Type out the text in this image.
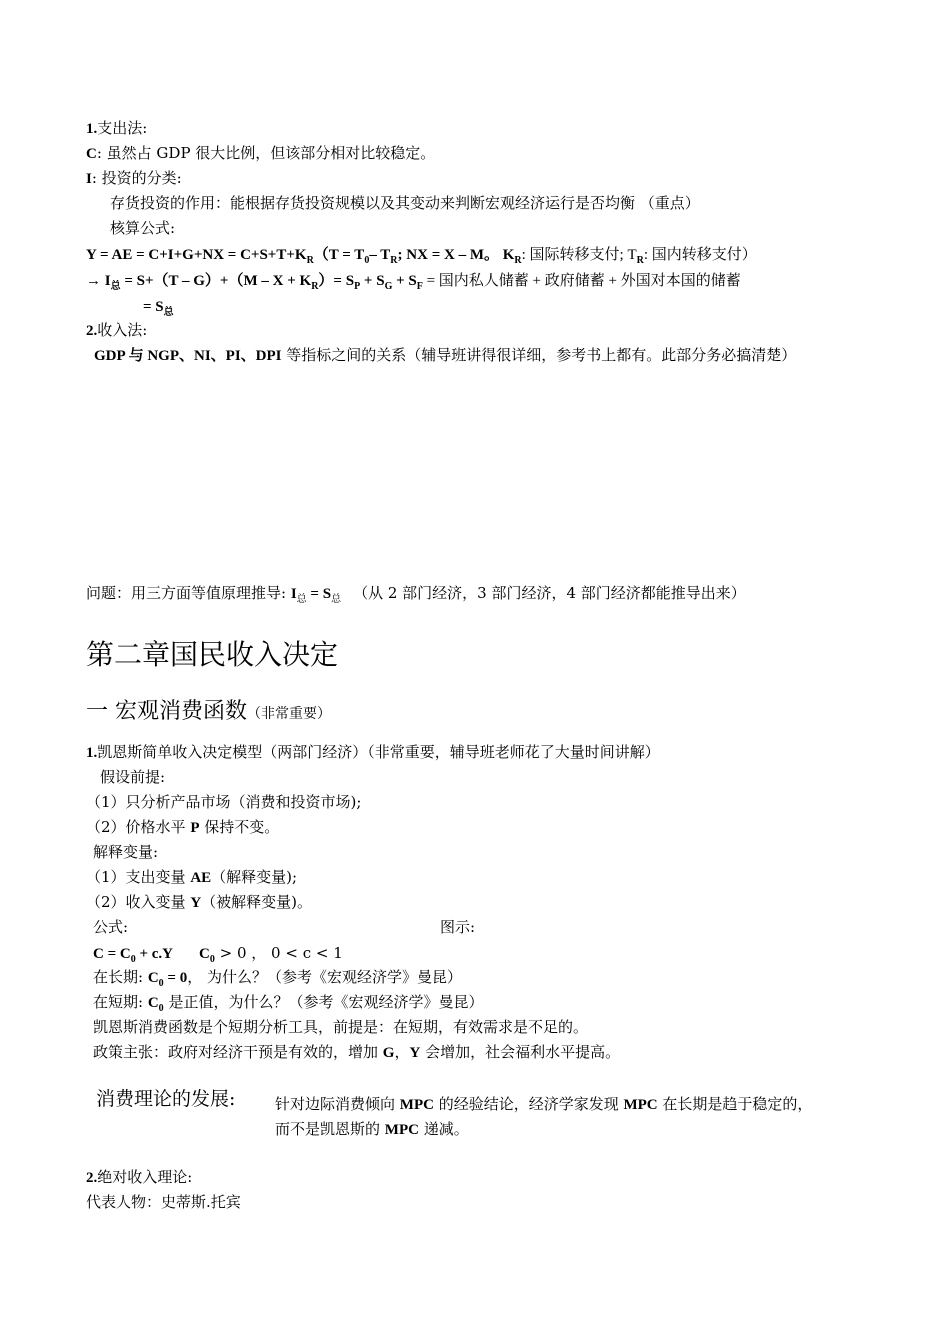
1.支出法:
C: 虽然占 GDP 很大比例，但该部分相对比较稳定。
I: 投资的分类:
存货投资的作用：能根据存货投资规模以及其变动来判断宏观经济运行是否均衡 （重点）
核算公式:
Y = AE = $C+I+G+NX = C+S+T+K_R(T = T_0-$ $T_R$; NX = X – M。 $K_R$: 国际转移支付; $T_R$: 国内转移支付）
→ $I_总 = S+(T - G)+(M - X + K_R)= S_P + S_G + S_F$ = 国内私人储蓄 + 政府储蓄 + 外国对本国的储蓄
= $S_总$
2.收入法:
GDP 与 NGP、NI、PI、DPI 等指标之间的关系（辅导班讲得很详细，参考书上都有。此部分务必搞清楚）
问题：用三方面等值原理推导: $I_总 = S_总$ （从 2 部门经济，3 部门经济，4 部门经济都能推导出来）
第二章国民收入决定
一 宏观消费函数（非常重要）
1.凯恩斯简单收入决定模型（两部门经济）（非常重要，辅导班老师花了大量时间讲解）
假设前提:
（1）只分析产品市场（消费和投资市场);
（2）价格水平 P 保持不变。
解释变量:
（1）支出变量 AE（解释变量);
（2）收入变量 Y（被解释变量)。
公式:	图示:
$C = C_0 + c.Y$ $C_0 > 0$ ， 0 < c < 1
在长期: $C_0 = 0$， 为什么？（参考《宏观经济学》曼昆）
在短期: $C_0$ 是正值，为什么？（参考《宏观经济学》曼昆）
凯恩斯消费函数是个短期分析工具，前提是：在短期，有效需求是不足的。
政策主张：政府对经济干预是有效的，增加 G，Y 会增加，社会福利水平提高。
消费理论的发展:	针对边际消费倾向 MPC 的经验结论，经济学家发现 MPC 在长期是趋于稳定的，
而不是凯恩斯的 MPC 递减。
2.绝对收入理论:
代表人物：史蒂斯.托宾
